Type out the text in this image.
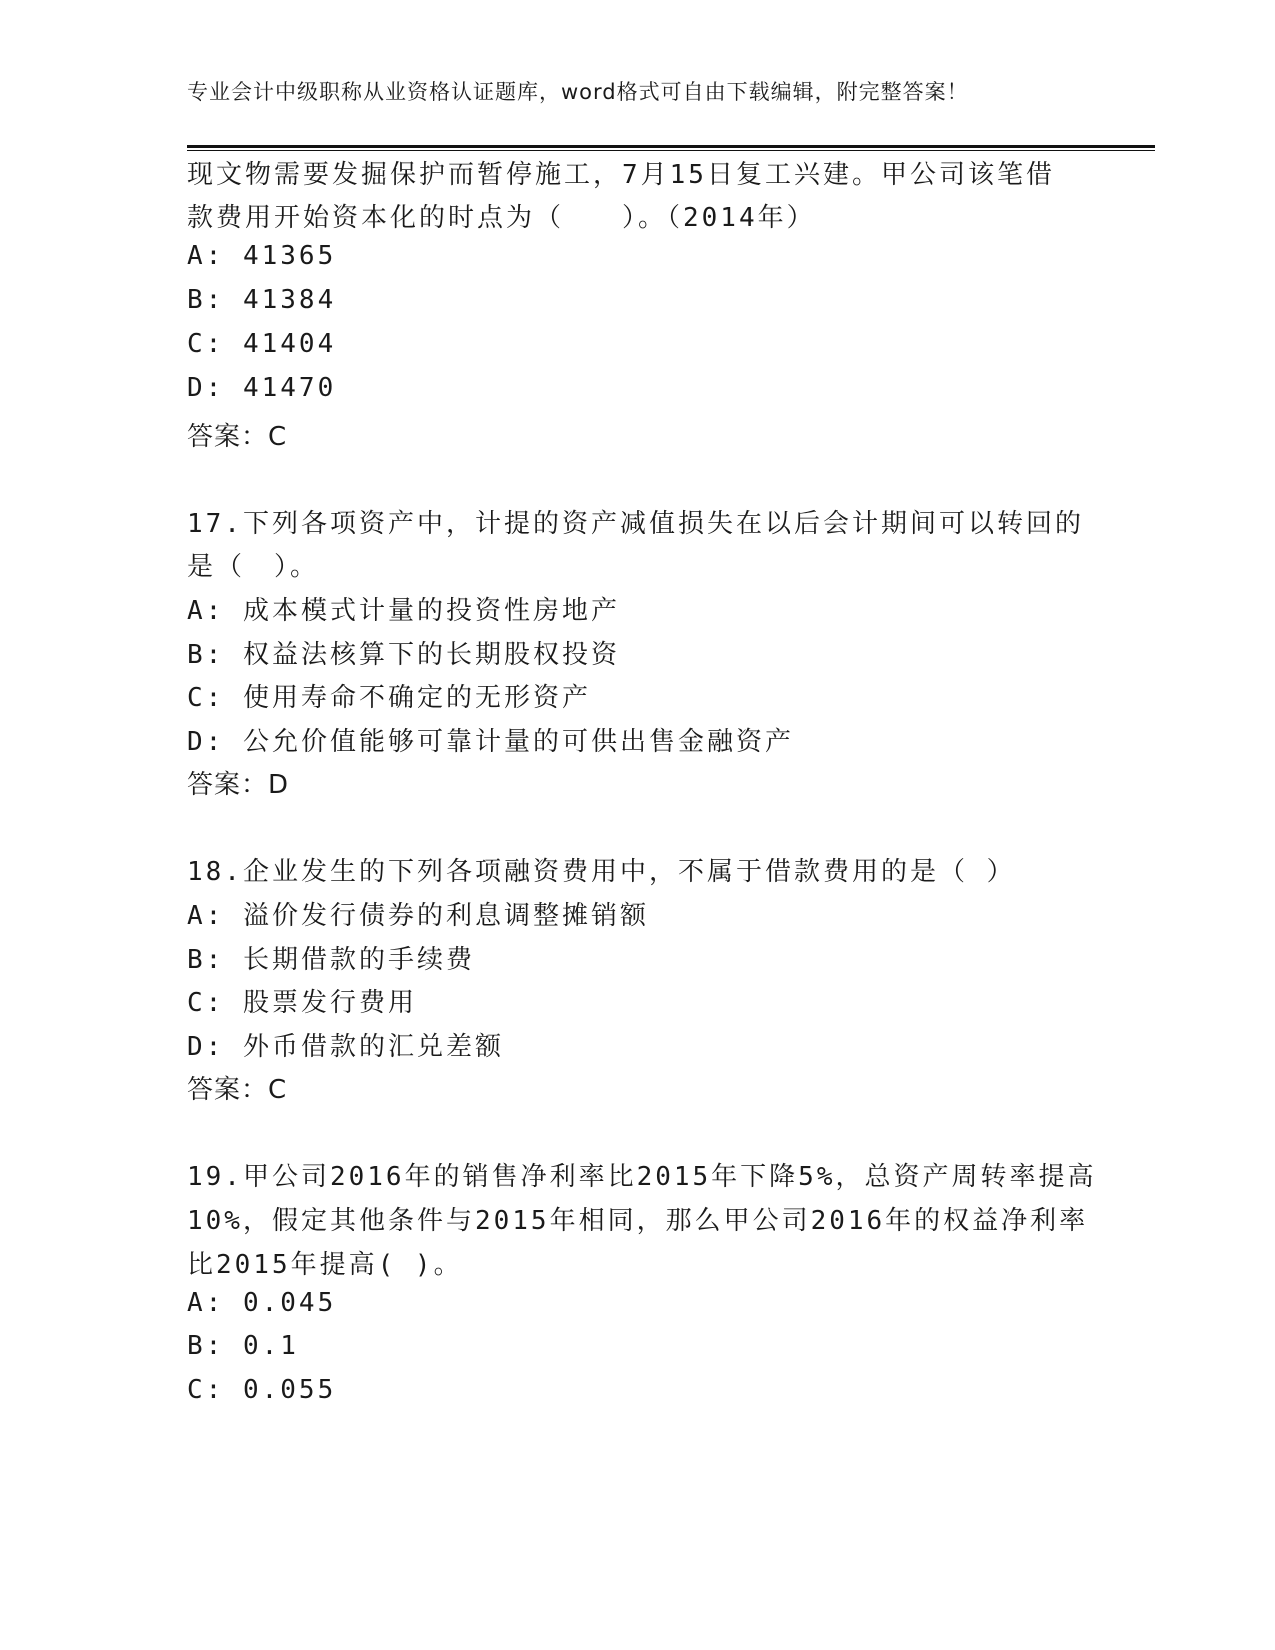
专业会计中级职称从业资格认证题库，word格式可自由下载编辑，附完整答案！
现文物需要发掘保护而暂停施工，7月15日复工兴建。甲公司该笔借
款费用开始资本化的时点为（　　）。（2014年）
A: 41365
B: 41384
C: 41404
D: 41470
答案：C
17.下列各项资产中，计提的资产减值损失在以后会计期间可以转回的
是（　）。
A: 成本模式计量的投资性房地产
B: 权益法核算下的长期股权投资
C: 使用寿命不确定的无形资产
D: 公允价值能够可靠计量的可供出售金融资产
答案：D
18.企业发生的下列各项融资费用中，不属于借款费用的是（ ）
A: 溢价发行债券的利息调整摊销额
B: 长期借款的手续费
C: 股票发行费用
D: 外币借款的汇兑差额
答案：C
19.甲公司2016年的销售净利率比2015年下降5%，总资产周转率提高
10%，假定其他条件与2015年相同，那么甲公司2016年的权益净利率
比2015年提高( )。
A: 0.045
B: 0.1
C: 0.055
